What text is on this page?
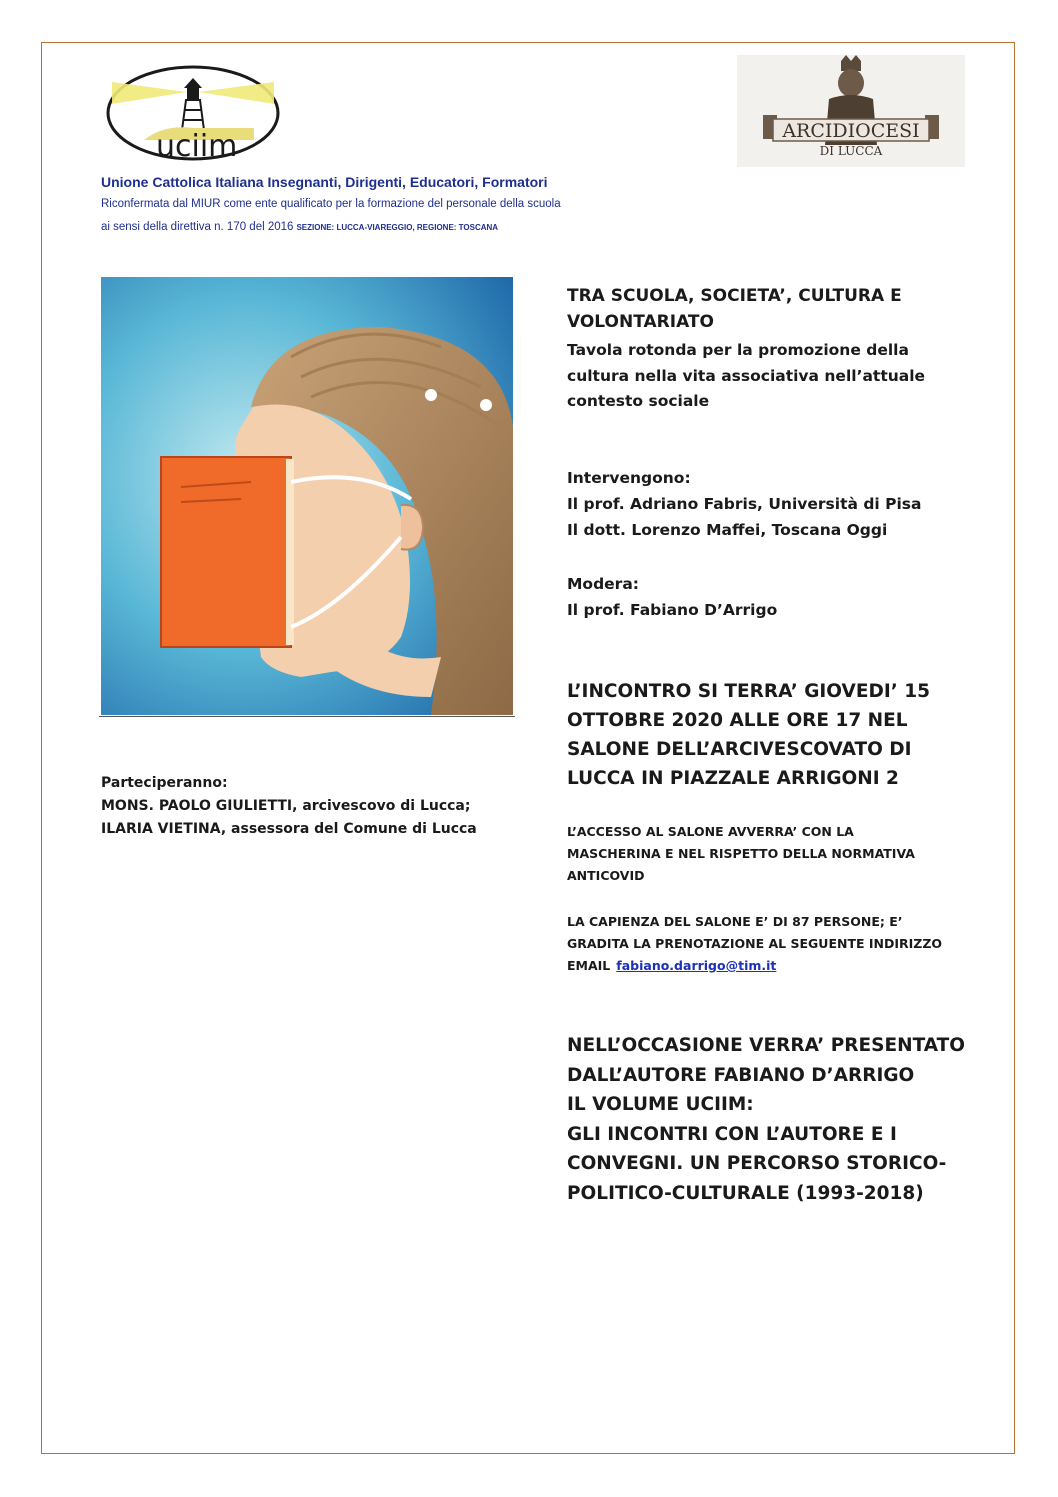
uciim	ARCIDIOCESI
DI LUCCA
Unione Cattolica Italiana Insegnanti, Dirigenti, Educatori, Formatori
Riconfermata dal MIUR come ente qualificato per la formazione del personale della scuola
ai sensi della direttiva n. 170 del 2016 SEZIONE: LUCCA-VIAREGGIO, REGIONE: TOSCANA
Parteciperanno:
MONS. PAOLO GIULIETTI, arcivescovo di Lucca;
ILARIA VIETINA, assessora del Comune di Lucca
TRA SCUOLA, SOCIETA’, CULTURA E
VOLONTARIATO
Tavola rotonda per la promozione della
cultura nella vita associativa nell’attuale
contesto sociale
Intervengono:
Il prof. Adriano Fabris, Università di Pisa
Il dott. Lorenzo Maffei, Toscana Oggi
Modera:
Il prof. Fabiano D’Arrigo
L’INCONTRO SI TERRA’ GIOVEDI’ 15
OTTOBRE 2020 ALLE ORE 17 NEL
SALONE DELL’ARCIVESCOVATO DI
LUCCA IN PIAZZALE ARRIGONI 2
L’ACCESSO AL SALONE AVVERRA’ CON LA
MASCHERINA E NEL RISPETTO DELLA NORMATIVA
ANTICOVID
LA CAPIENZA DEL SALONE E’ DI 87 PERSONE; E’
GRADITA LA PRENOTAZIONE AL SEGUENTE INDIRIZZO
EMAIL fabiano.darrigo@tim.it
NELL’OCCASIONE VERRA’ PRESENTATO
DALL’AUTORE FABIANO D’ARRIGO
IL VOLUME UCIIM:
GLI INCONTRI CON L’AUTORE E I
CONVEGNI. UN PERCORSO STORICO-
POLITICO-CULTURALE (1993-2018)
